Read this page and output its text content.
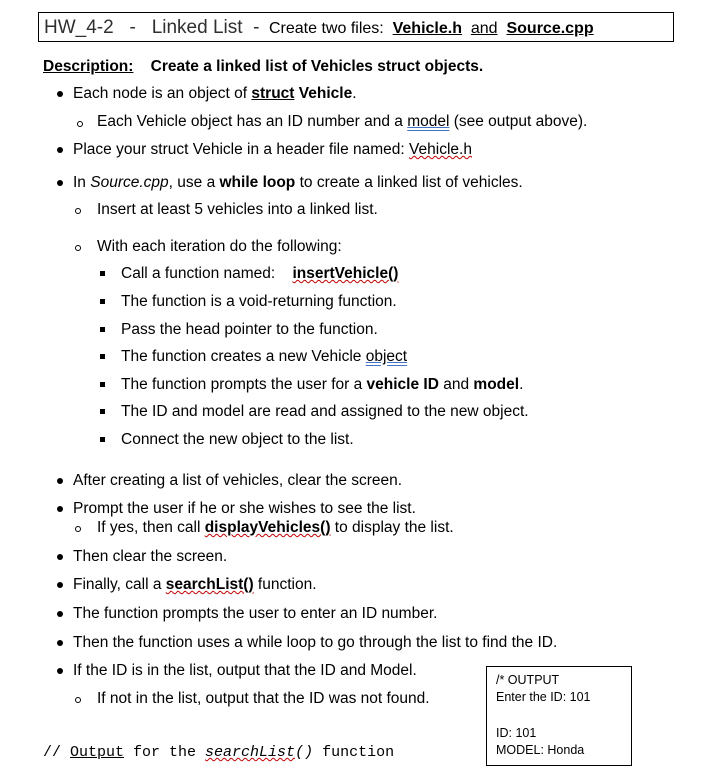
HW_4-2 - Linked List - Create two files: Vehicle.h and Source.cpp
Description: Create a linked list of Vehicles struct objects.
Each node is an object of struct Vehicle.
Each Vehicle object has an ID number and a model (see output above).
Place your struct Vehicle in a header file named: Vehicle.h
In Source.cpp, use a while loop to create a linked list of vehicles.
Insert at least 5 vehicles into a linked list.
With each iteration do the following:
Call a function named:    insertVehicle()
The function is a void-returning function.
Pass the head pointer to the function.
The function creates a new Vehicle object
The function prompts the user for a vehicle ID and model.
The ID and model are read and assigned to the new object.
Connect the new object to the list.
After creating a list of vehicles, clear the screen.
Prompt the user if he or she wishes to see the list.
If yes, then call displayVehicles() to display the list.
Then clear the screen.
Finally, call a searchList() function.
The function prompts the user to enter an ID number.
Then the function uses a while loop to go through the list to find the ID.
If the ID is in the list, output that the ID and Model.
If not in the list, output that the ID was not found.
// Output for the searchList() function
/* OUTPUT
Enter the ID: 101
ID: 101
MODEL: Honda
